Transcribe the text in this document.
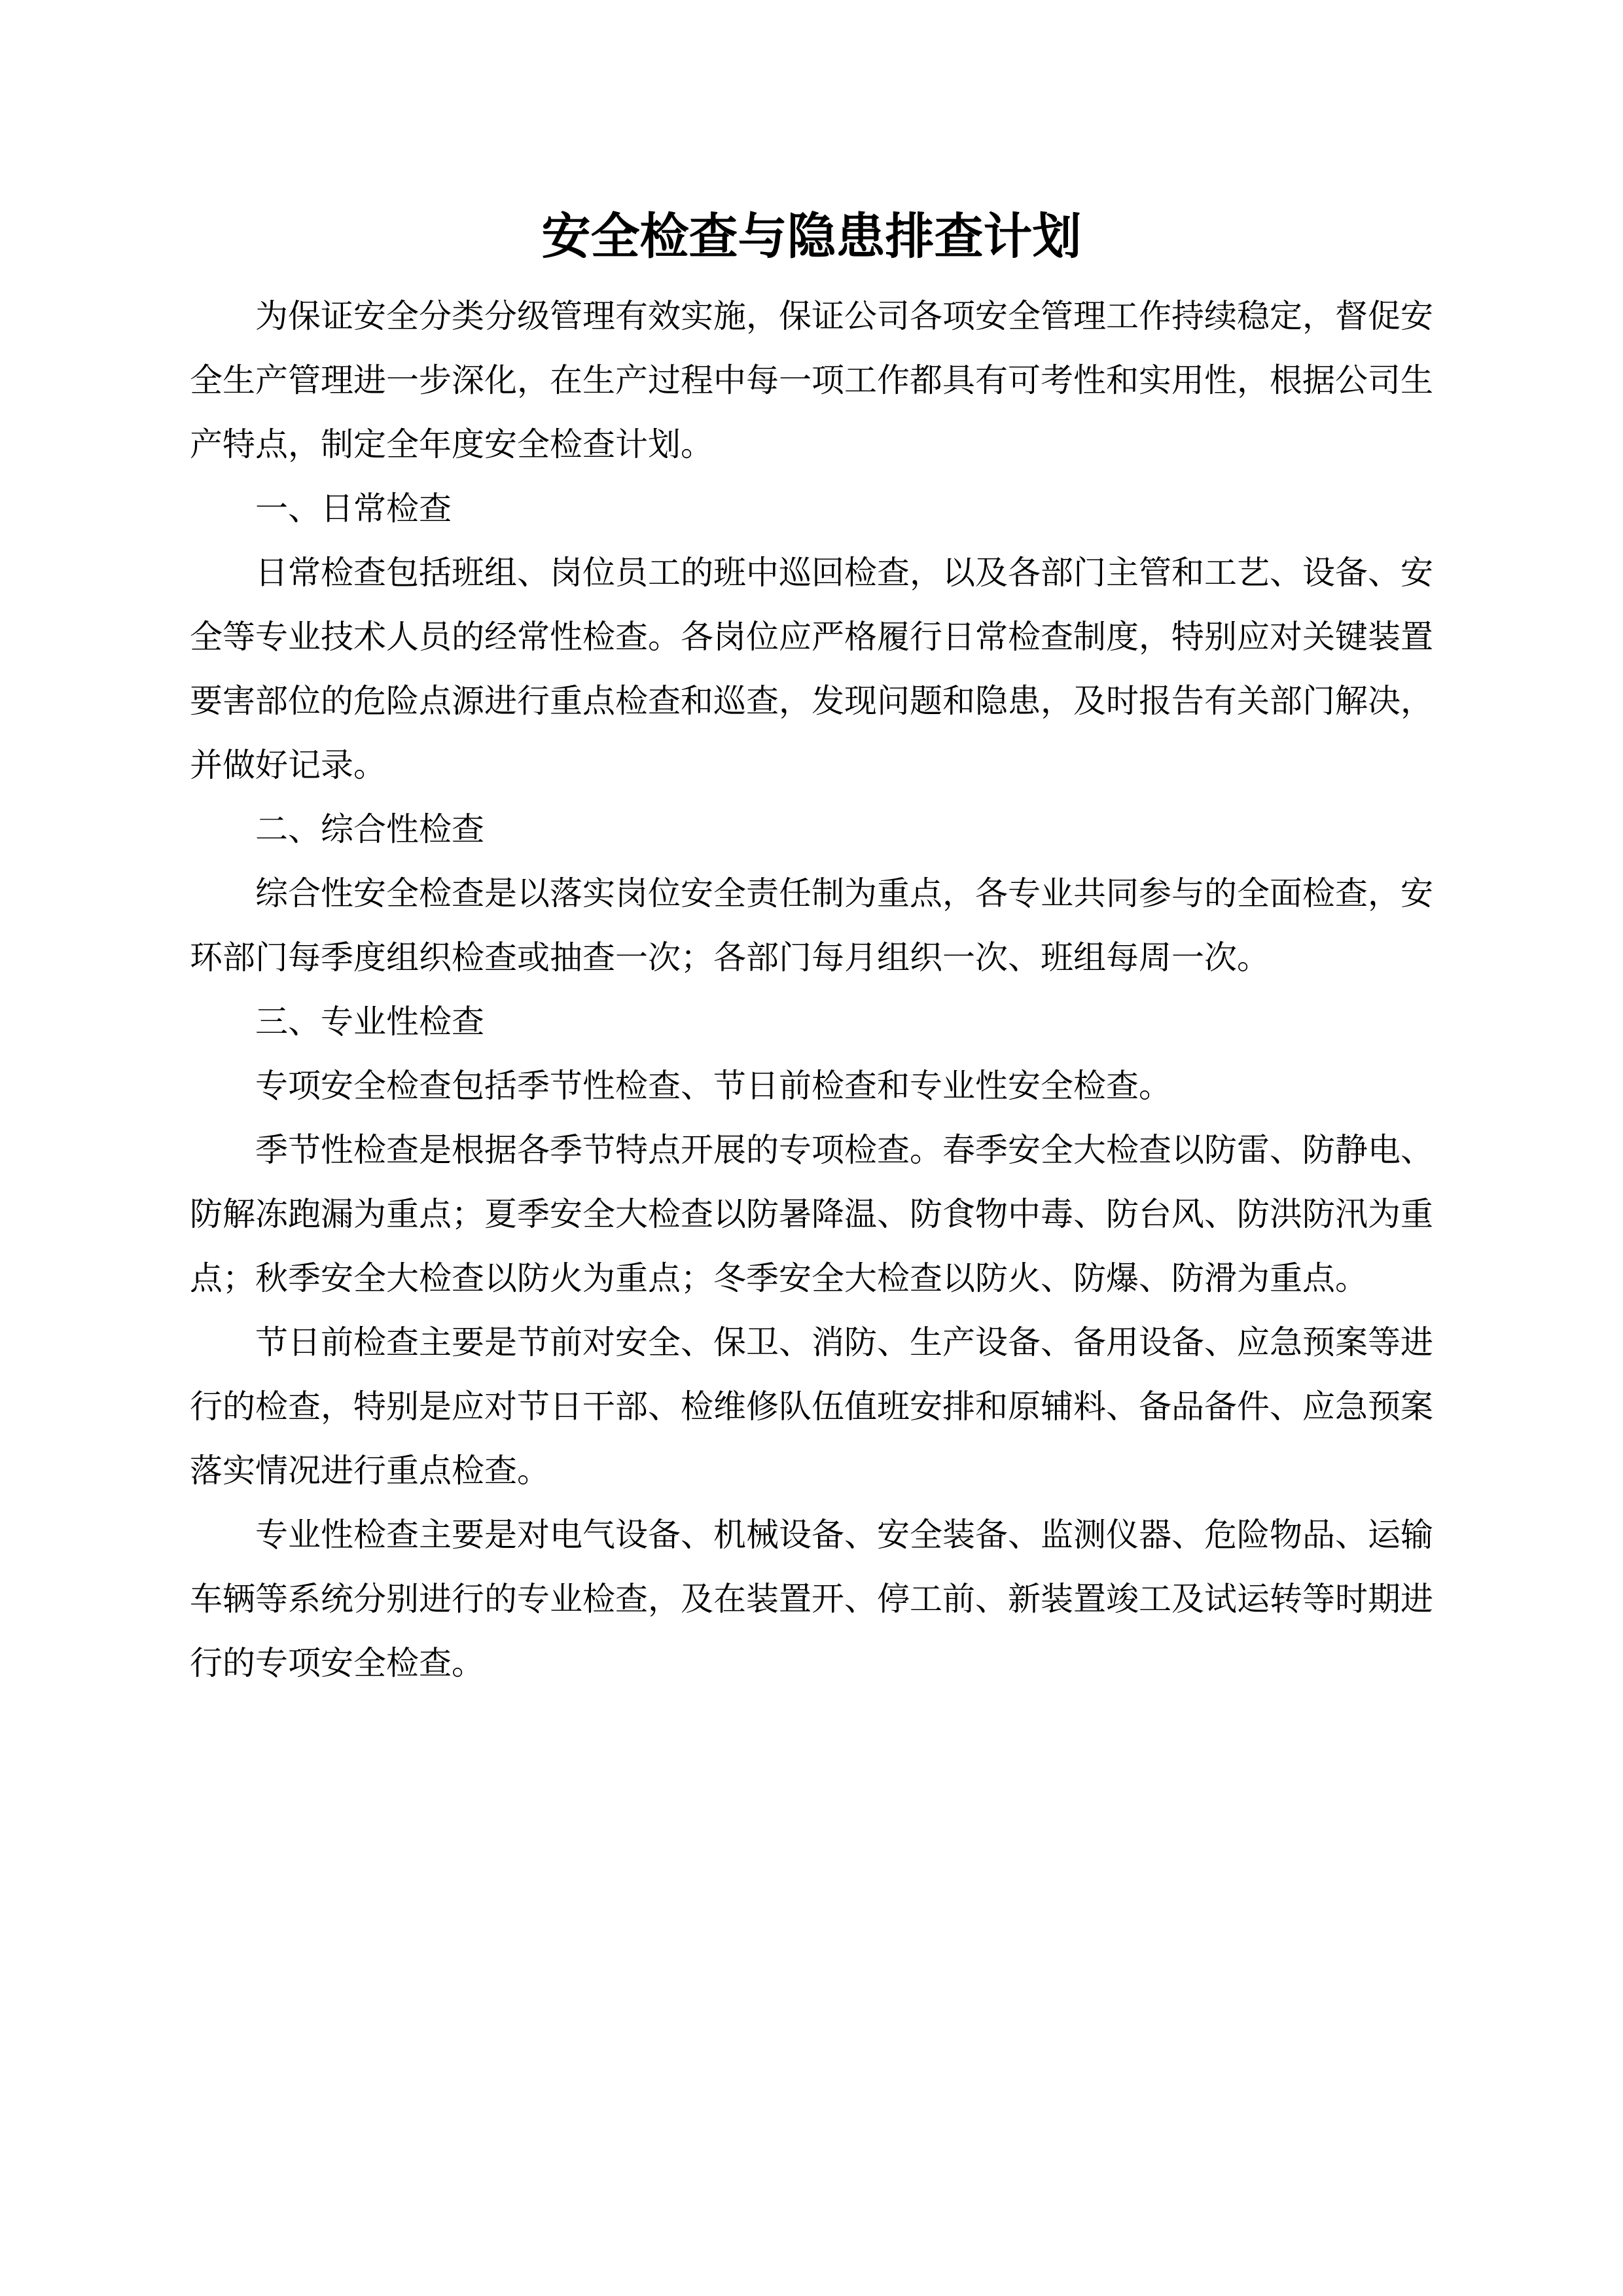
安全检查与隐患排查计划
为保证安全分类分级管理有效实施，保证公司各项安全管理工作持续稳定，督促安
全生产管理进一步深化，在生产过程中每一项工作都具有可考性和实用性，根据公司生
产特点，制定全年度安全检查计划。
一、日常检查
日常检查包括班组、岗位员工的班中巡回检查，以及各部门主管和工艺、设备、安
全等专业技术人员的经常性检查。各岗位应严格履行日常检查制度，特别应对关键装置
要害部位的危险点源进行重点检查和巡查，发现问题和隐患，及时报告有关部门解决，
并做好记录。
二、综合性检查
综合性安全检查是以落实岗位安全责任制为重点，各专业共同参与的全面检查，安
环部门每季度组织检查或抽查一次；各部门每月组织一次、班组每周一次。
三、专业性检查
专项安全检查包括季节性检查、节日前检查和专业性安全检查。
季节性检查是根据各季节特点开展的专项检查。春季安全大检查以防雷、防静电、
防解冻跑漏为重点；夏季安全大检查以防暑降温、防食物中毒、防台风、防洪防汛为重
点；秋季安全大检查以防火为重点；冬季安全大检查以防火、防爆、防滑为重点。
节日前检查主要是节前对安全、保卫、消防、生产设备、备用设备、应急预案等进
行的检查，特别是应对节日干部、检维修队伍值班安排和原辅料、备品备件、应急预案
落实情况进行重点检查。
专业性检查主要是对电气设备、机械设备、安全装备、监测仪器、危险物品、运输
车辆等系统分别进行的专业检查，及在装置开、停工前、新装置竣工及试运转等时期进
行的专项安全检查。
